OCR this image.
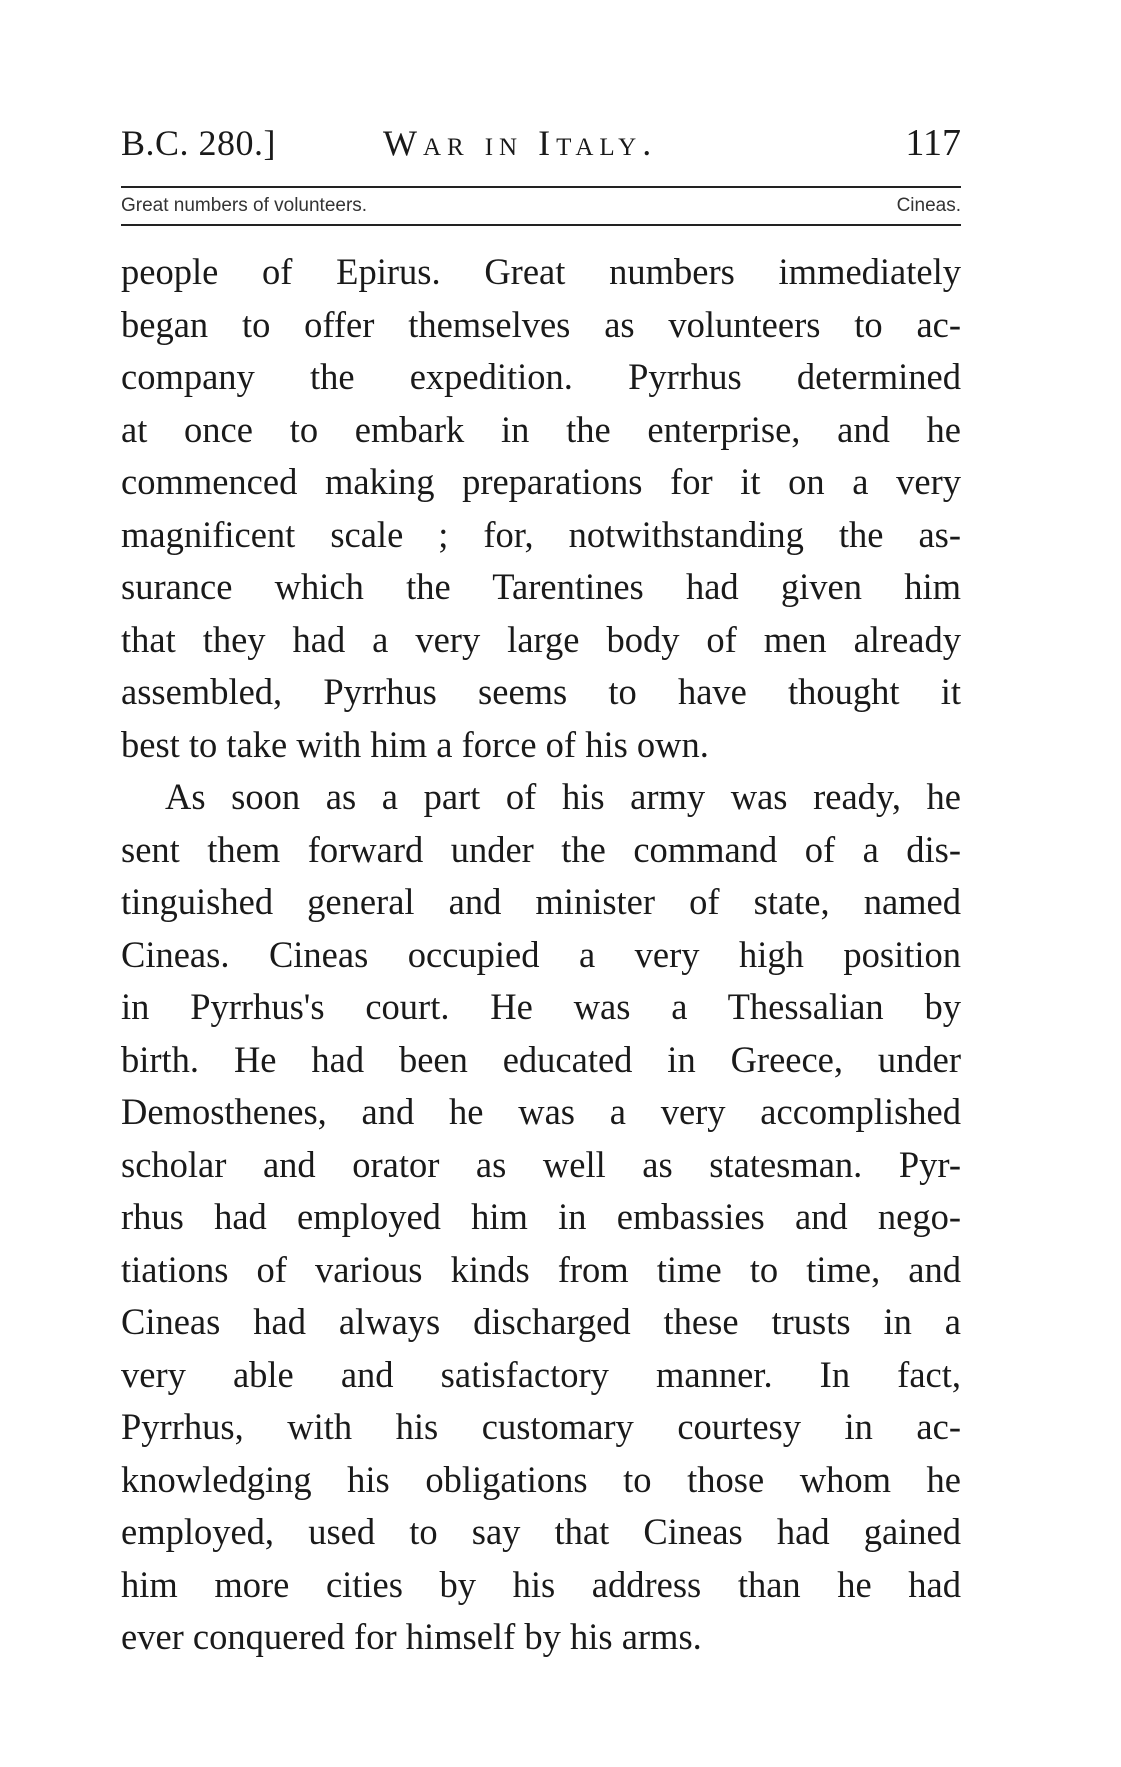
B.C. 280.]	War in Italy.	117
Great numbers of volunteers.	Cineas.
people of Epirus. Great numbers immediately
began to offer themselves as volunteers to ac-
company the expedition. Pyrrhus determined
at once to embark in the enterprise, and he
commenced making preparations for it on a very
magnificent scale ; for, notwithstanding the as-
surance which the Tarentines had given him
that they had a very large body of men already
assembled, Pyrrhus seems to have thought it
best to take with him a force of his own.
As soon as a part of his army was ready, he
sent them forward under the command of a dis-
tinguished general and minister of state, named
Cineas. Cineas occupied a very high position
in Pyrrhus's court. He was a Thessalian by
birth. He had been educated in Greece, under
Demosthenes, and he was a very accomplished
scholar and orator as well as statesman. Pyr-
rhus had employed him in embassies and nego-
tiations of various kinds from time to time, and
Cineas had always discharged these trusts in a
very able and satisfactory manner. In fact,
Pyrrhus, with his customary courtesy in ac-
knowledging his obligations to those whom he
employed, used to say that Cineas had gained
him more cities by his address than he had
ever conquered for himself by his arms.
